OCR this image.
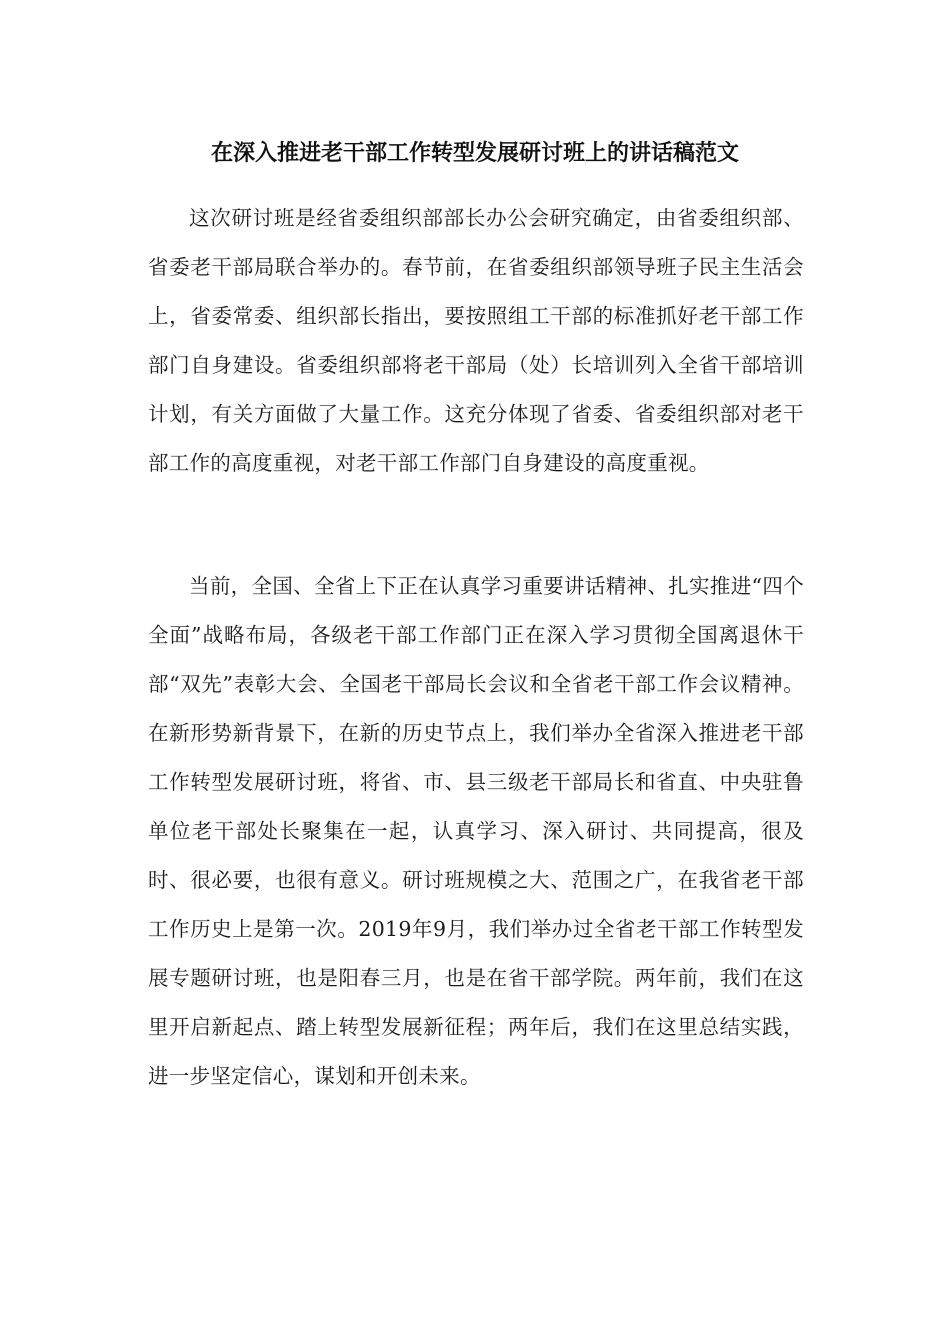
在深入推进老干部工作转型发展研讨班上的讲话稿范文

这次研讨班是经省委组织部部长办公会研究确定，由省委组织部、省委老干部局联合举办的。春节前，在省委组织部领导班子民主生活会上，省委常委、组织部长指出，要按照组工干部的标准抓好老干部工作部门自身建设。省委组织部将老干部局（处）长培训列入全省干部培训计划，有关方面做了大量工作。这充分体现了省委、省委组织部对老干部工作的高度重视，对老干部工作部门自身建设的高度重视。

当前，全国、全省上下正在认真学习重要讲话精神、扎实推进“四个全面”战略布局，各级老干部工作部门正在深入学习贯彻全国离退休干部“双先”表彰大会、全国老干部局长会议和全省老干部工作会议精神。在新形势新背景下，在新的历史节点上，我们举办全省深入推进老干部工作转型发展研讨班，将省、市、县三级老干部局长和省直、中央驻鲁单位老干部处长聚集在一起，认真学习、深入研讨、共同提高，很及时、很必要，也很有意义。研讨班规模之大、范围之广，在我省老干部工作历史上是第一次。2019年9月，我们举办过全省老干部工作转型发展专题研讨班，也是阳春三月，也是在省干部学院。两年前，我们在这里开启新起点、踏上转型发展新征程；两年后，我们在这里总结实践，进一步坚定信心，谋划和开创未来。
